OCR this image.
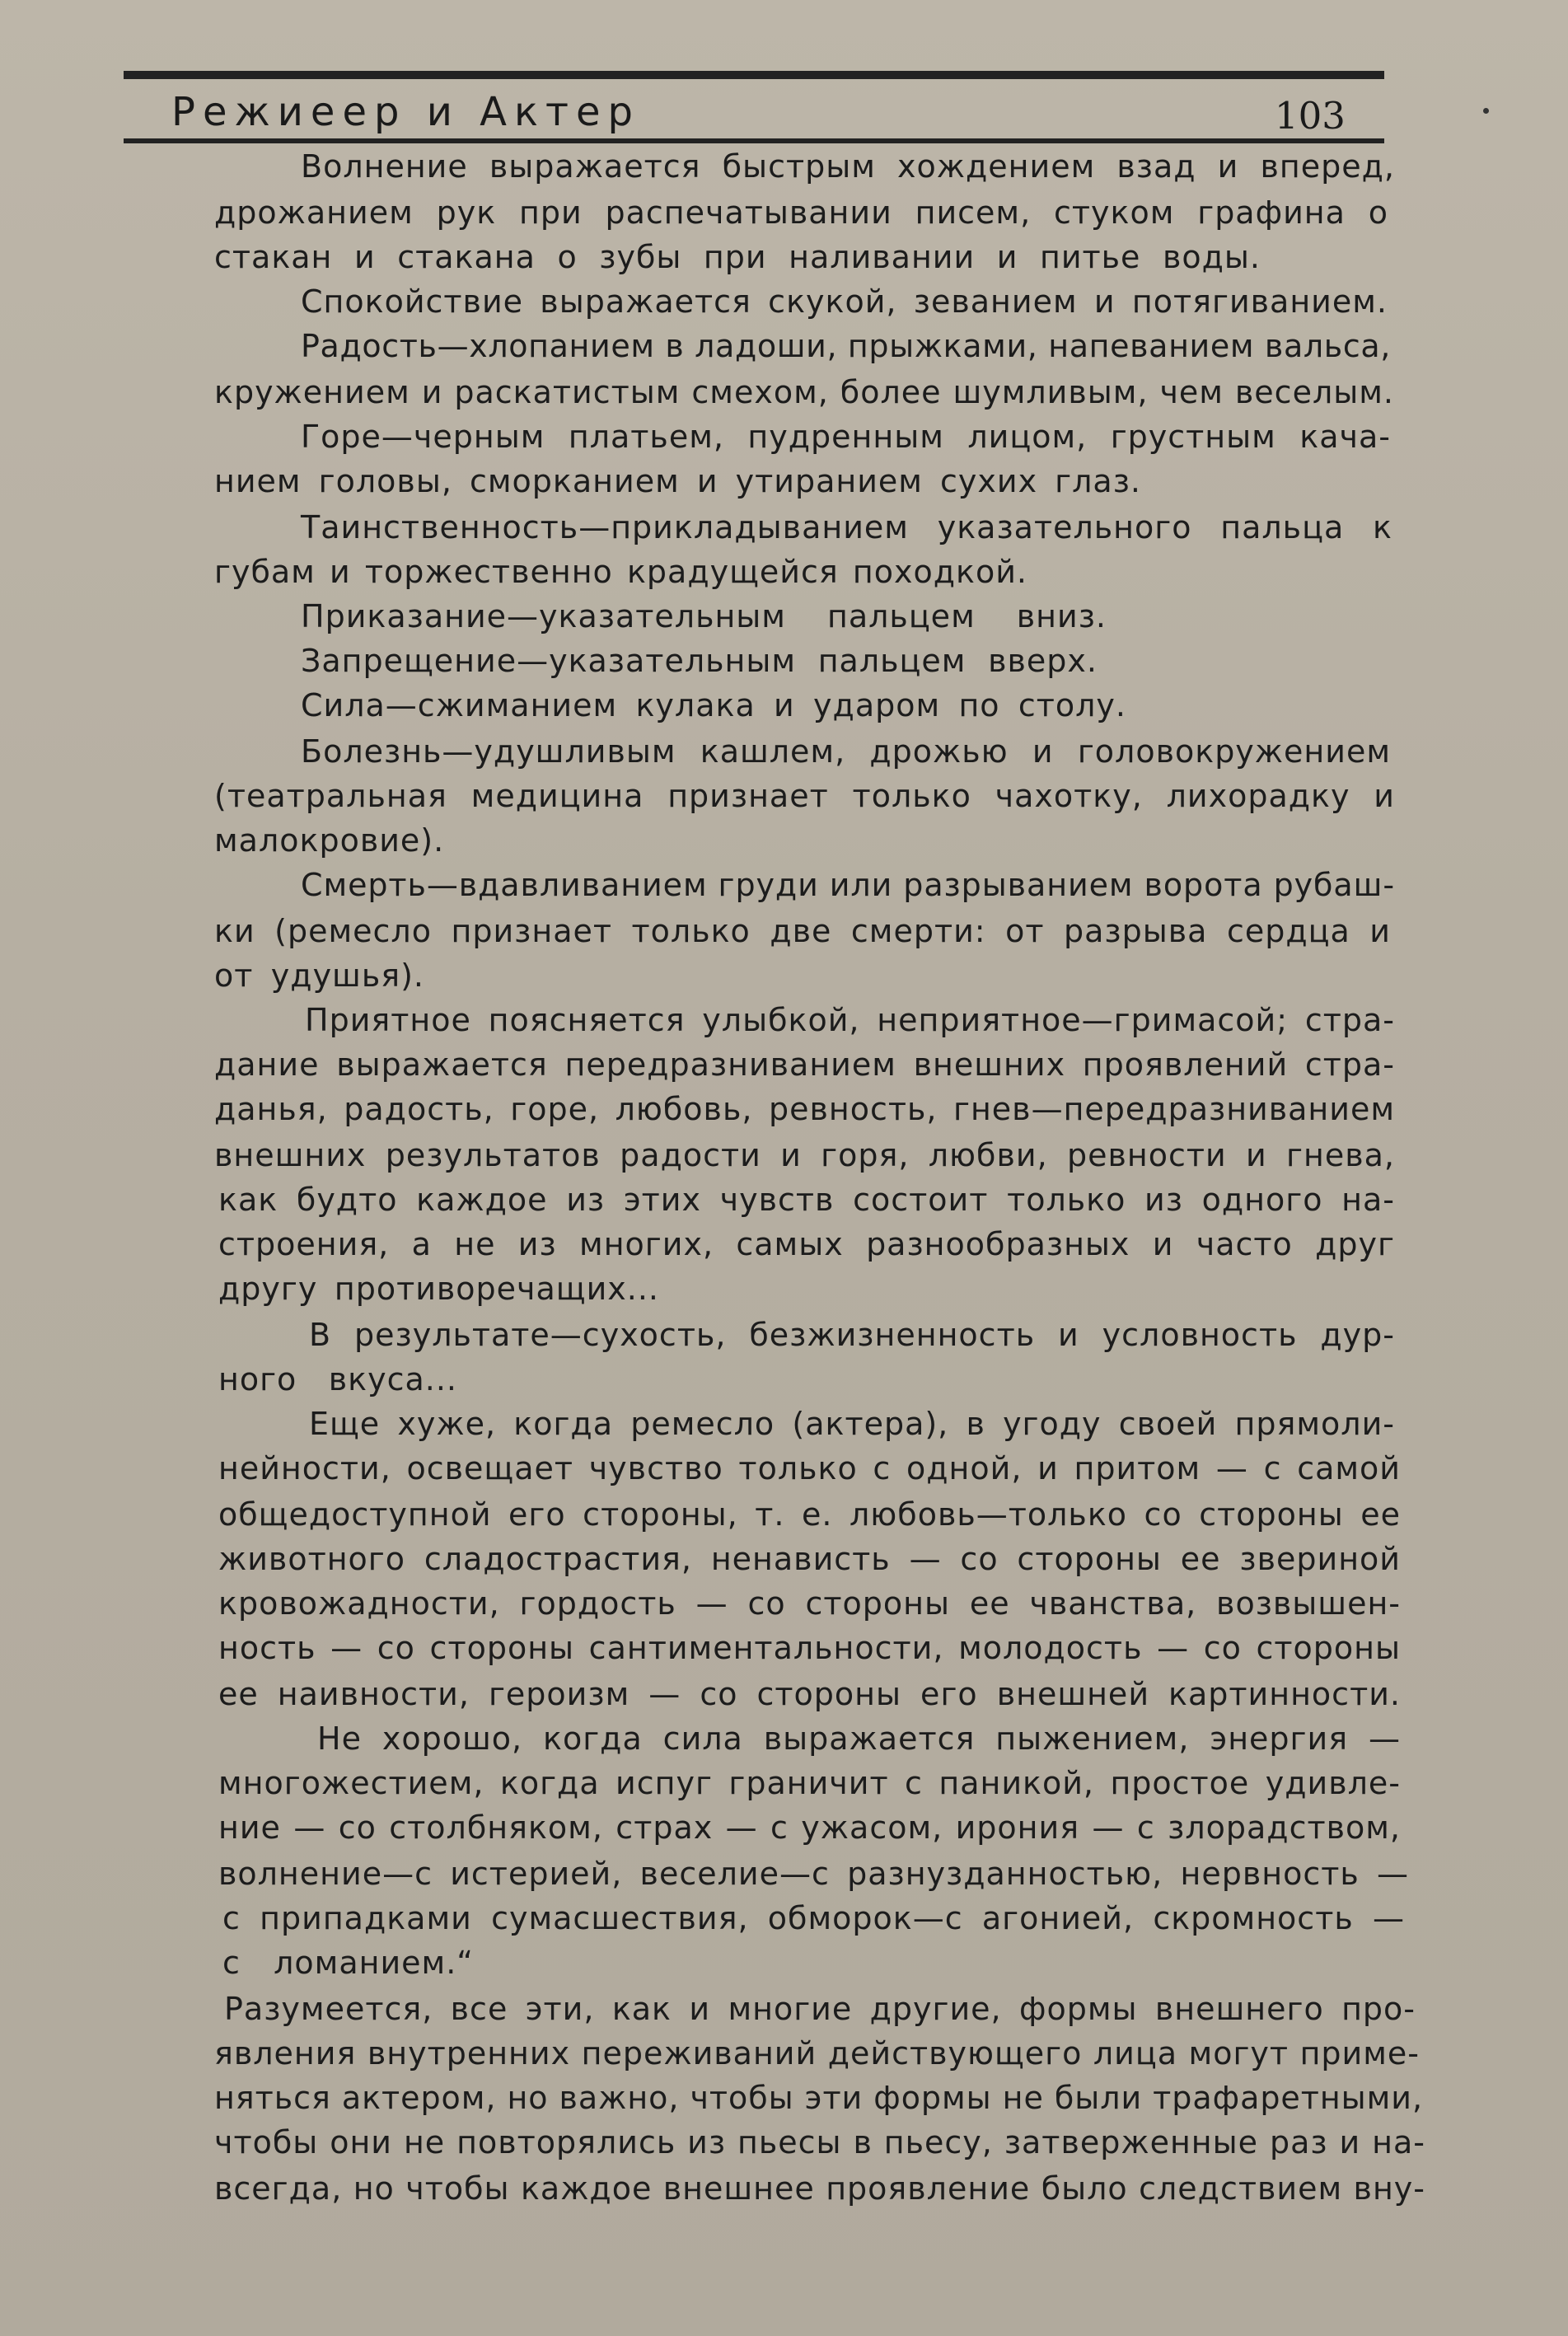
Режиеер и Актер	103
Волнение выражается быстрым хождением взад и вперед,
дрожанием рук при распечатывании писем, стуком графина о
стакан и стакана о зубы при наливании и питье воды.
Спокойствие выражается скукой, зеванием и потягиванием.
Радость—хлопанием в ладоши, прыжками, напеванием вальса,
кружением и раскатистым смехом, более шумливым, чем веселым.
Горе—черным платьем, пудренным лицом, грустным кача-
нием головы, сморканием и утиранием сухих глаз.
Таинственность—прикладыванием указательного пальца к
губам и торжественно крадущейся походкой.
Приказание—указательным пальцем вниз.
Запрещение—указательным пальцем вверх.
Сила—сжиманием кулака и ударом по столу.
Болезнь—удушливым кашлем, дрожью и головокружением
(театральная медицина признает только чахотку, лихорадку и
малокровие).
Смерть—вдавливанием груди или разрыванием ворота рубаш-
ки (ремесло признает только две смерти: от разрыва сердца и
от удушья).
Приятное поясняется улыбкой, неприятное—гримасой; стра-
дание выражается передразниванием внешних проявлений стра-
данья, радость, горе, любовь, ревность, гнев—передразниванием
внешних результатов радости и горя, любви, ревности и гнева,
как будто каждое из этих чувств состоит только из одного на-
строения, а не из многих, самых разнообразных и часто друг
другу противоречащих...
В результате—сухость, безжизненность и условность дур-
ного вкуса...
Еще хуже, когда ремесло (актера), в угоду своей прямоли-
нейности, освещает чувство только с одной, и притом — с самой
общедоступной его стороны, т. е. любовь—только со стороны ее
животного сладострастия, ненависть — со стороны ее звериной
кровожадности, гордость — со стороны ее чванства, возвышен-
ность — со стороны сантиментальности, молодость — со стороны
ее наивности, героизм — со стороны его внешней картинности.
Не хорошо, когда сила выражается пыжением, энергия —
многожестием, когда испуг граничит с паникой, простое удивле-
ние — со столбняком, страх — с ужасом, ирония — с злорадством,
волнение—с истерией, веселие—с разнузданностью, нервность —
с припадками сумасшествия, обморок—с агонией, скромность —
с ломанием.“
Разумеется, все эти, как и многие другие, формы внешнего про-
явления внутренних переживаний действующего лица могут приме-
няться актером, но важно, чтобы эти формы не были трафаретными,
чтобы они не повторялись из пьесы в пьесу, затверженные раз и на-
всегда, но чтобы каждое внешнее проявление было следствием вну-
